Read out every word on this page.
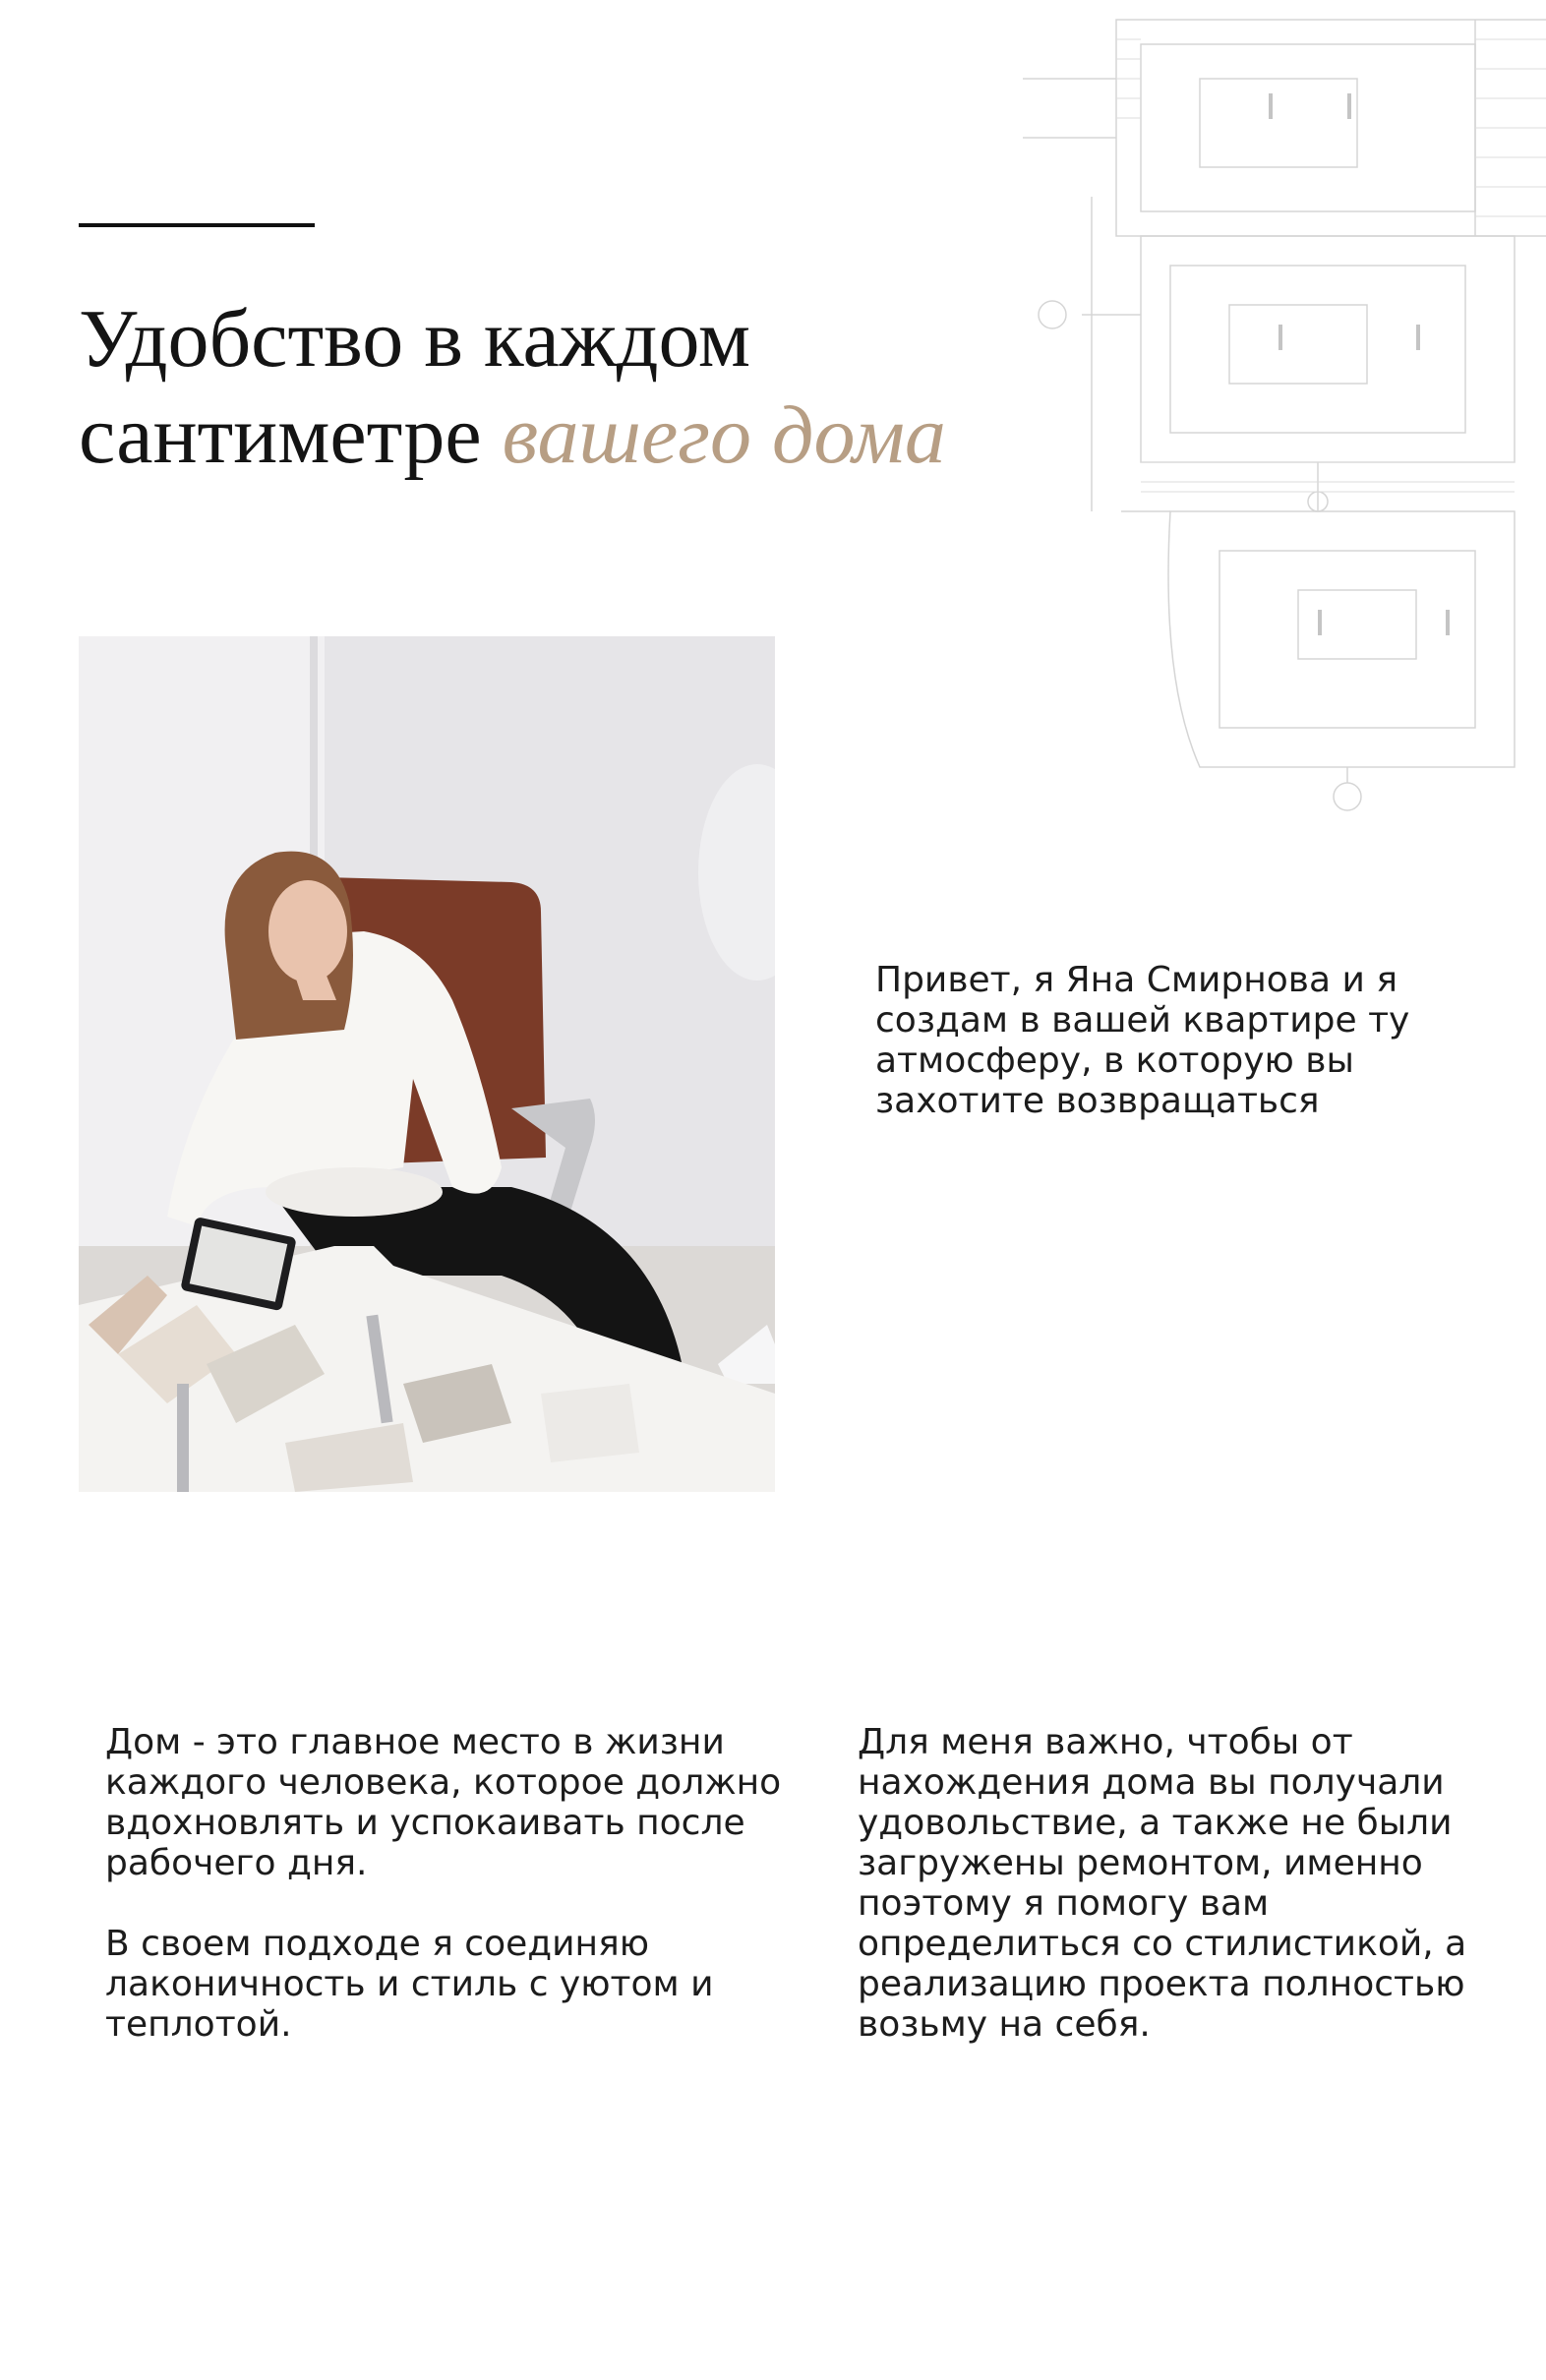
Удобство в каждом
сантиметре вашего дома

Привет, я Яна Смирнова и я создам в вашей квартире ту атмосферу, в которую вы захотите возвращаться

Дом - это главное место в жизни каждого человека, которое должно вдохновлять и успокаивать после рабочего дня.

В своем подходе я соединяю лаконичность и стиль с уютом и теплотой.

Для меня важно, чтобы от нахождения дома вы получали удовольствие, а также не были загружены ремонтом, именно поэтому я помогу вам определиться со стилистикой, а реализацию проекта полностью возьму на себя.
